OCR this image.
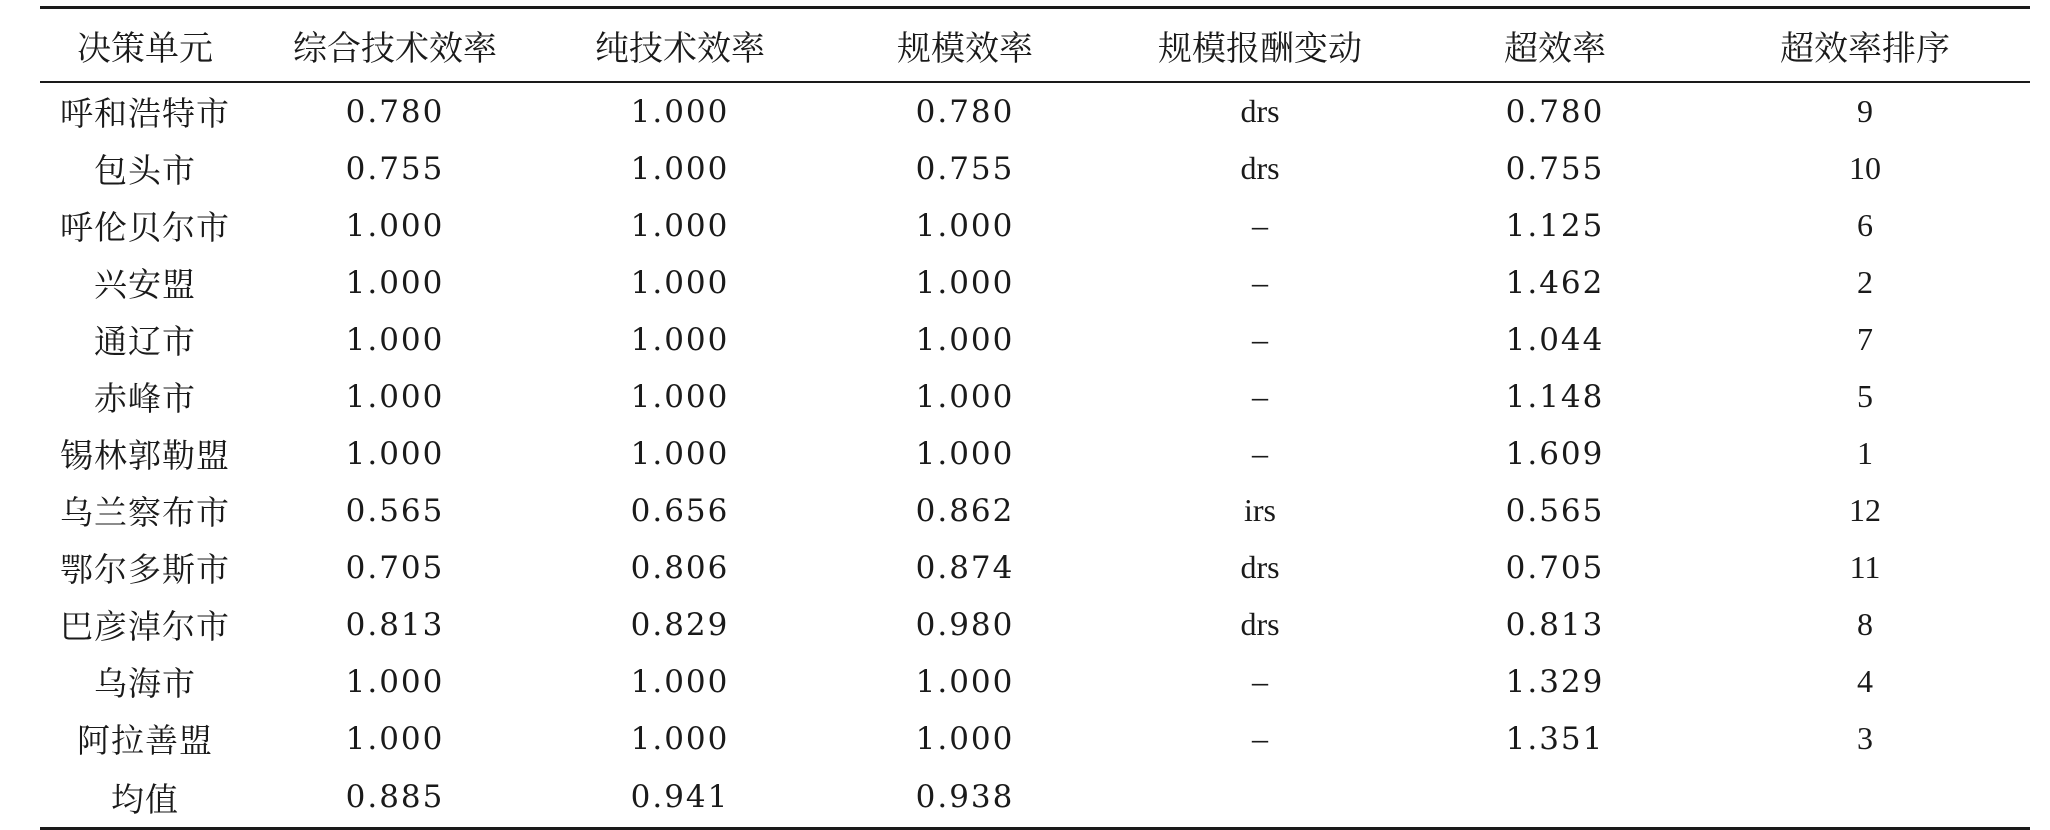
决策单元	综合技术效率	纯技术效率	规模效率	规模报酬变动	超效率	超效率排序
呼和浩特市	0.780	1.000	0.780	drs	0.780	9
包头市	0.755	1.000	0.755	drs	0.755	10
呼伦贝尔市	1.000	1.000	1.000	–	1.125	6
兴安盟	1.000	1.000	1.000	–	1.462	2
通辽市	1.000	1.000	1.000	–	1.044	7
赤峰市	1.000	1.000	1.000	–	1.148	5
锡林郭勒盟	1.000	1.000	1.000	–	1.609	1
乌兰察布市	0.565	0.656	0.862	irs	0.565	12
鄂尔多斯市	0.705	0.806	0.874	drs	0.705	11
巴彦淖尔市	0.813	0.829	0.980	drs	0.813	8
乌海市	1.000	1.000	1.000	–	1.329	4
阿拉善盟	1.000	1.000	1.000	–	1.351	3
均值	0.885	0.941	0.938			
